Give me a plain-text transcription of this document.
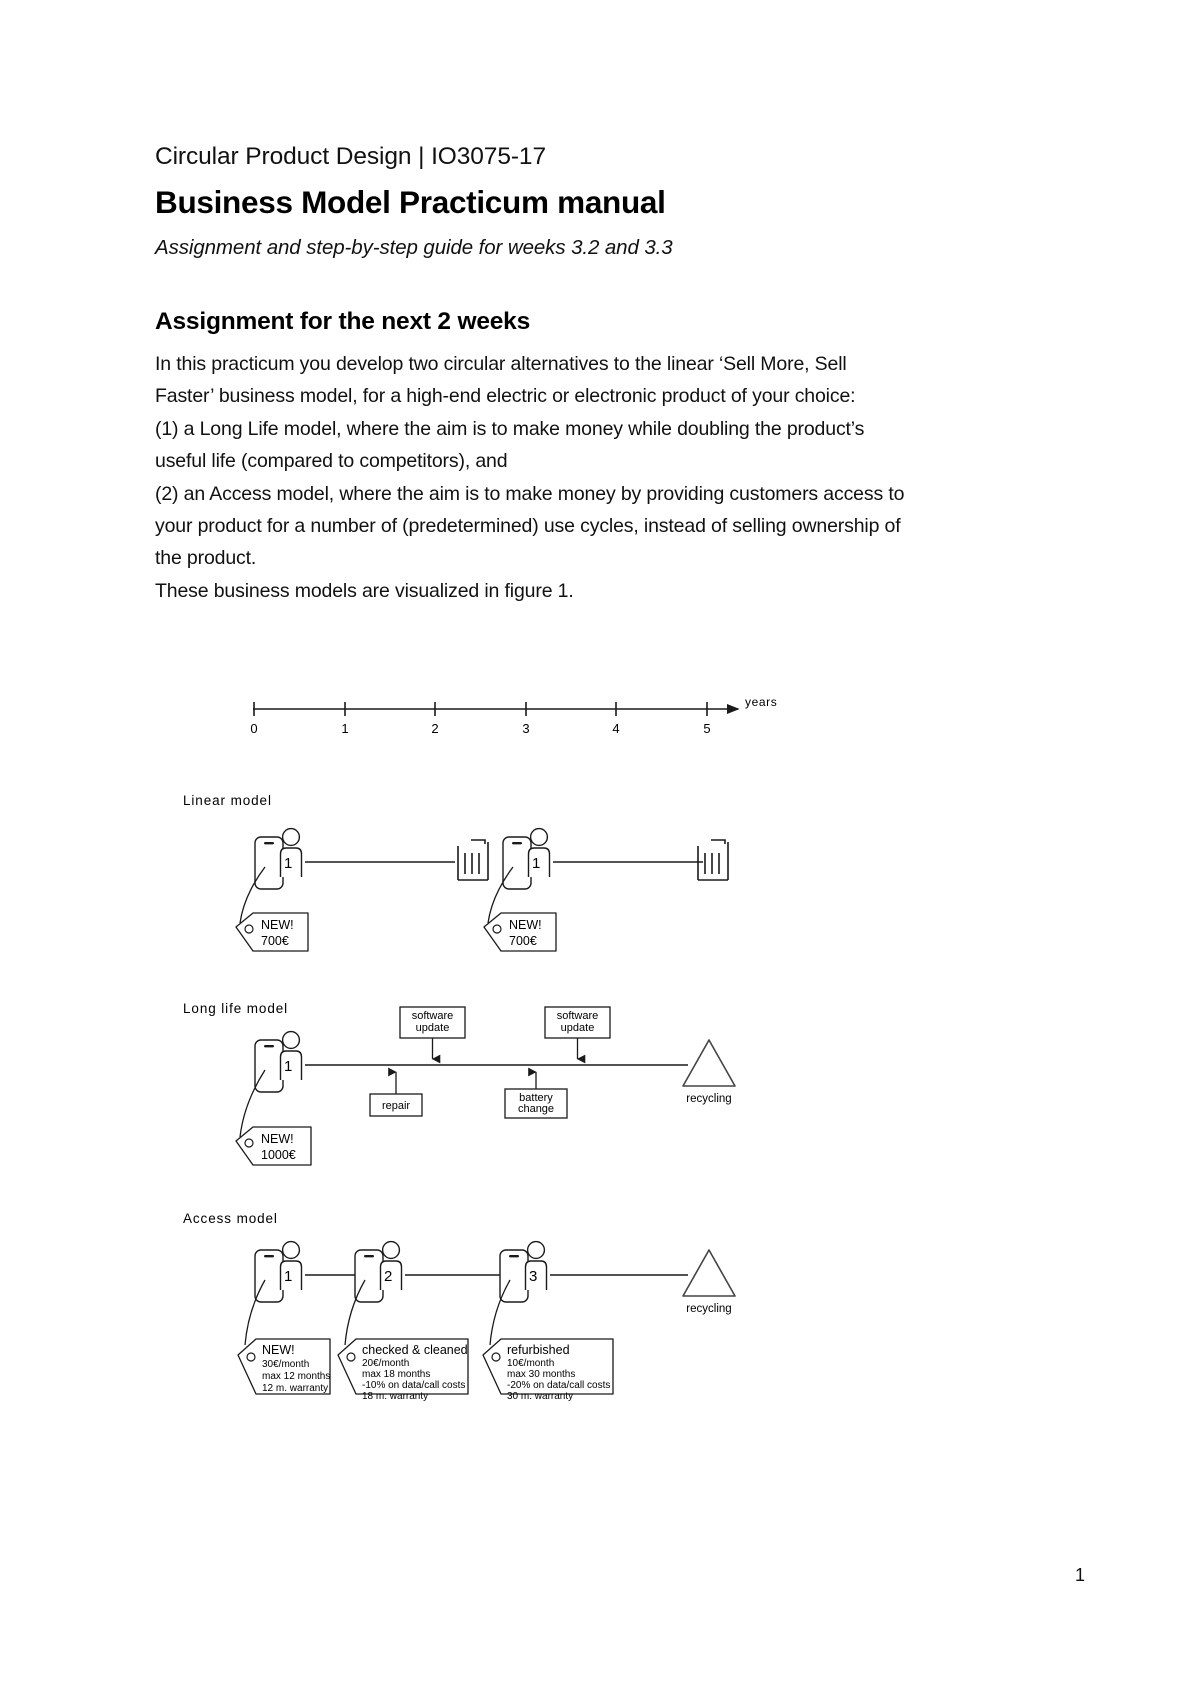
Circular Product Design | IO3075-17

Business Model Practicum manual

Assignment and step-by-step guide for weeks 3.2 and 3.3

Assignment for the next 2 weeks
In this practicum you develop two circular alternatives to the linear ‘Sell More, Sell
Faster’ business model, for a high-end electric or electronic product of your choice:
(1) a Long Life model, where the aim is to make money while doubling the product’s
useful life (compared to competitors), and
(2) an Access model, where the aim is to make money by providing customers access to
your product for a number of (predetermined) use cycles, instead of selling ownership of
the product.
These business models are visualized in figure 1.
0	1	2	3	4	5
years
Linear model
1	1
NEW!
700€
NEW!
700€
Long life model
1
software
update
software
update
repair
battery
change
recycling
NEW!
1000€
Access model
1	2	3
recycling
NEW!
30€/month
max 12 months
12 m. warranty
checked & cleaned
20€/month
max 18 months
-10% on data/call costs
18 m. warranty
refurbished
10€/month
max 30 months
-20% on data/call costs
30 m. warranty
1
